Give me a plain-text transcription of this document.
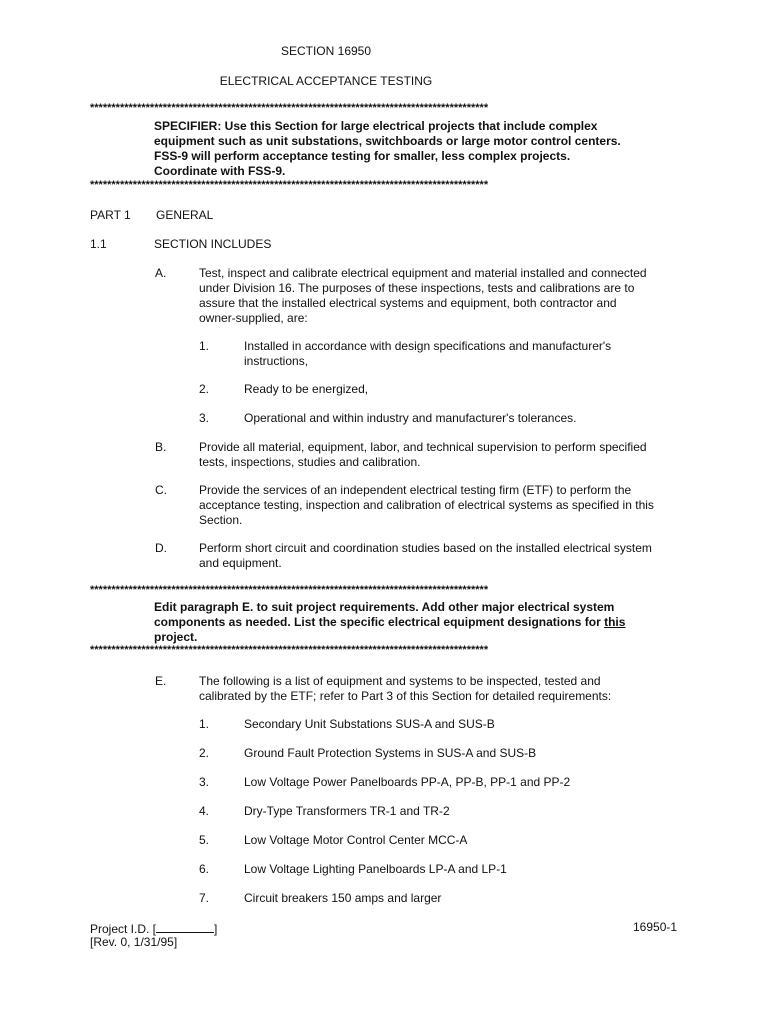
SECTION 16950
ELECTRICAL ACCEPTANCE TESTING
*********************************************************************************************
SPECIFIER: Use this Section for large electrical projects that include complex
equipment such as unit substations, switchboards or large motor control centers.
FSS-9 will perform acceptance testing for smaller, less complex projects.
Coordinate with FSS-9.
*********************************************************************************************
PART 1 GENERAL
1.1	SECTION INCLUDES
A.	Test, inspect and calibrate electrical equipment and material installed and connected
under Division 16. The purposes of these inspections, tests and calibrations are to
assure that the installed electrical systems and equipment, both contractor and
owner-supplied, are:
1.	Installed in accordance with design specifications and manufacturer's
instructions,
2.	Ready to be energized,
3.	Operational and within industry and manufacturer's tolerances.
B.	Provide all material, equipment, labor, and technical supervision to perform specified
tests, inspections, studies and calibration.
C.	Provide the services of an independent electrical testing firm (ETF) to perform the
acceptance testing, inspection and calibration of electrical systems as specified in this
Section.
D.	Perform short circuit and coordination studies based on the installed electrical system
and equipment.
*********************************************************************************************
Edit paragraph E. to suit project requirements. Add other major electrical system
components as needed. List the specific electrical equipment designations for this
project.
*********************************************************************************************
E.	The following is a list of equipment and systems to be inspected, tested and
calibrated by the ETF; refer to Part 3 of this Section for detailed requirements:
1.	Secondary Unit Substations SUS-A and SUS-B
2.	Ground Fault Protection Systems in SUS-A and SUS-B
3.	Low Voltage Power Panelboards PP-A, PP-B, PP-1 and PP-2
4.	Dry-Type Transformers TR-1 and TR-2
5.	Low Voltage Motor Control Center MCC-A
6.	Low Voltage Lighting Panelboards LP-A and LP-1
7.	Circuit breakers 150 amps and larger
Project I.D. [	]
[Rev. 0, 1/31/95]
16950-1
